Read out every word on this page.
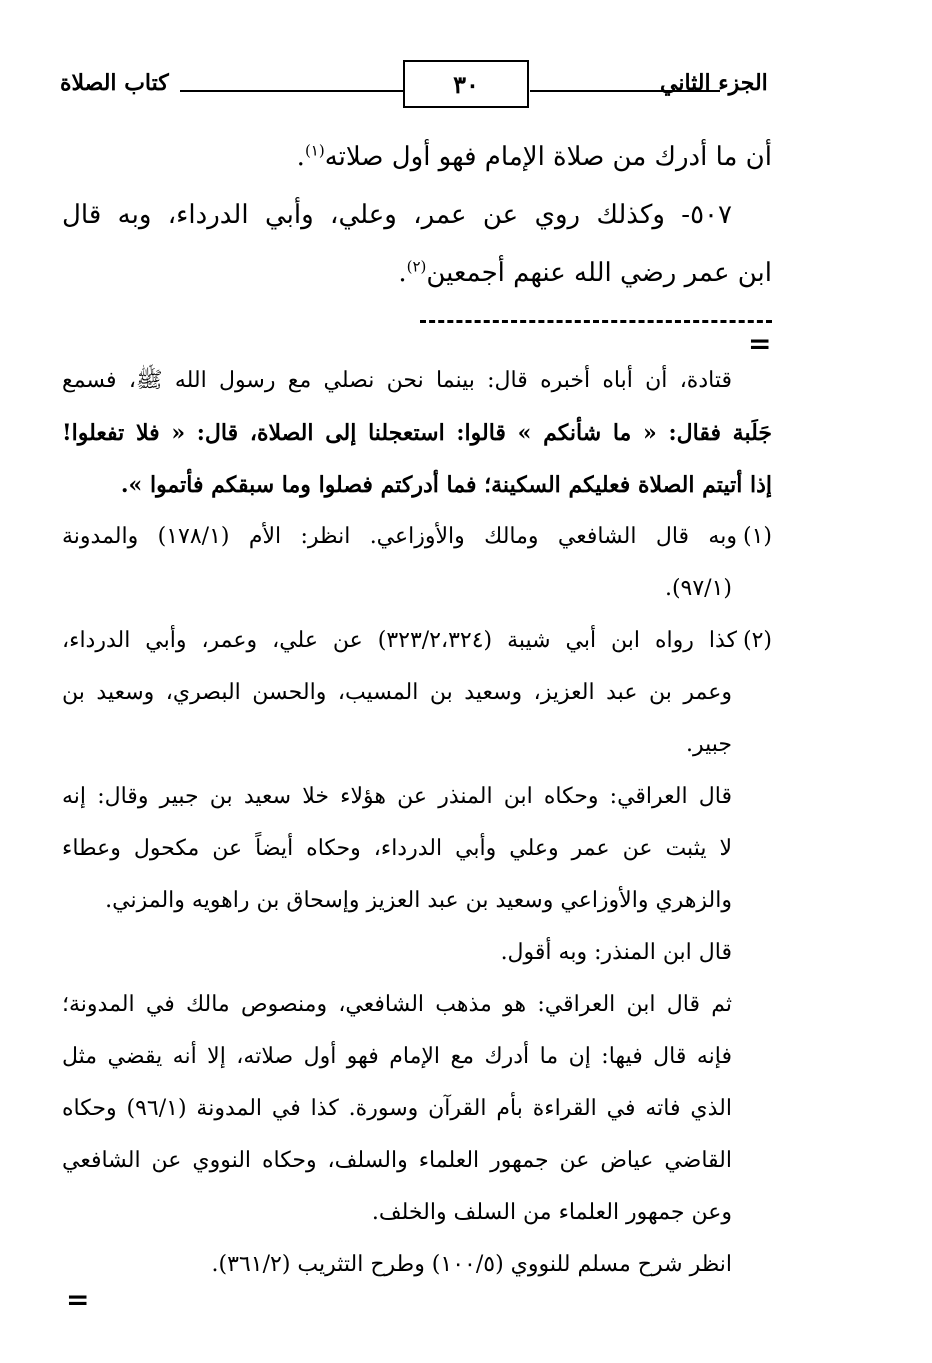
كتاب الصلاة	٣٠	الجزء الثاني

أن ما أدرك من صلاة الإمام فهو أول صلاته$^{(١)}$.

٥٠٧- وكذلك روي عن عمر، وعلي، وأبي الدرداء، وبه قال

ابن عمر رضي الله عنهم أجمعين$^{(٢)}$.

=

قتادة، أن أباه أخبره قال: بينما نحن نصلي مع رسول الله ﷺ، فسمع

جَلَبة فقال: « ما شأنكم » قالوا: استعجلنا إلى الصلاة، قال: « فلا تفعلوا!

إذا أتيتم الصلاة فعليكم السكينة؛ فما أدركتم فصلوا وما سبقكم فأتموا ».

(١)وبه قال الشافعي ومالك والأوزاعي. انظر: الأم (١٧٨/١) والمدونة

(٩٧/١).

(٢)كذا رواه ابن أبي شيبة (٣٢٣/٢،٣٢٤) عن علي، وعمر، وأبي الدرداء،

وعمر بن عبد العزيز، وسعيد بن المسيب، والحسن البصري، وسعيد بن جبير.

قال العراقي: وحكاه ابن المنذر عن هؤلاء خلا سعيد بن جبير وقال: إنه

لا يثبت عن عمر وعلي وأبي الدرداء، وحكاه أيضاً عن مكحول وعطاء

والزهري والأوزاعي وسعيد بن عبد العزيز وإسحاق بن راهويه والمزني.

قال ابن المنذر: وبه أقول.

ثم قال ابن العراقي: هو مذهب الشافعي، ومنصوص مالك في المدونة؛

فإنه قال فيها: إن ما أدرك مع الإمام فهو أول صلاته، إلا أنه يقضي مثل

الذي فاته في القراءة بأم القرآن وسورة. كذا في المدونة (٩٦/١) وحكاه

القاضي عياض عن جمهور العلماء والسلف، وحكاه النووي عن الشافعي

وعن جمهور العلماء من السلف والخلف.

انظر شرح مسلم للنووي (١٠٠/٥) وطرح التثريب (٣٦١/٢).

=
